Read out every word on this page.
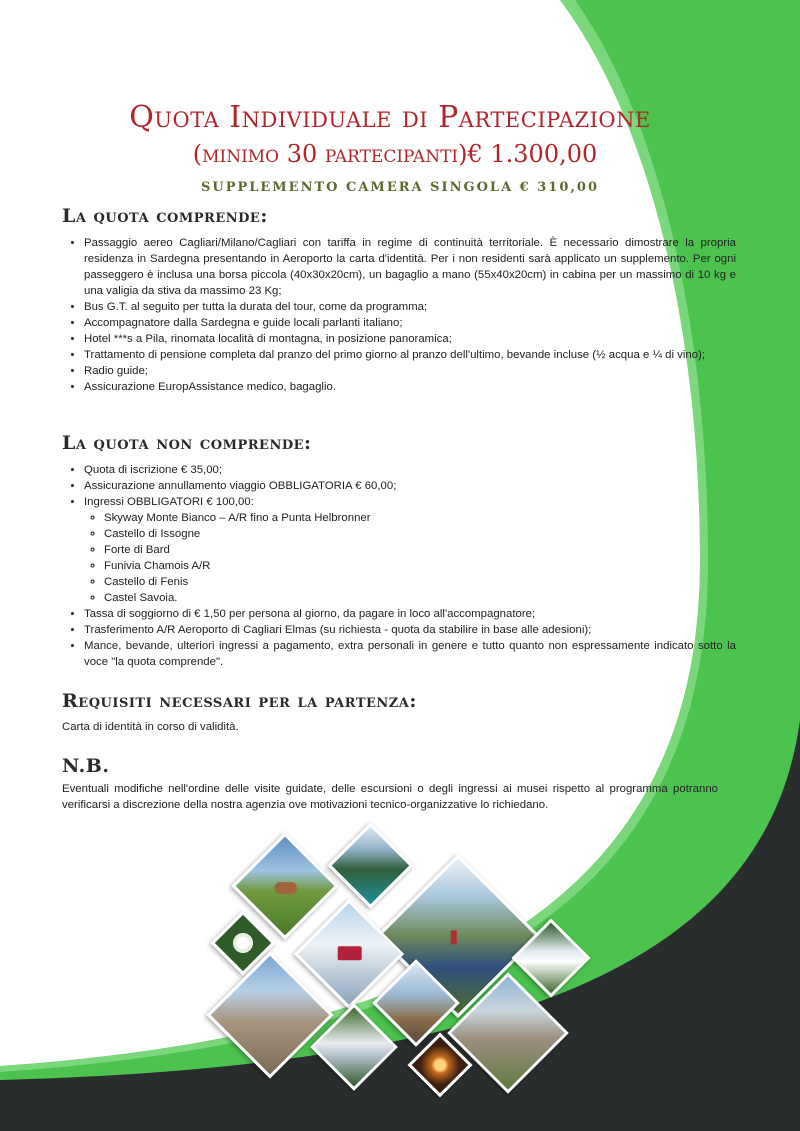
Quota Individuale di Partecipazione
(minimo 30 partecipanti)€ 1.300,00
SUPPLEMENTO CAMERA SINGOLA € 310,00
La quota comprende:
• Passaggio aereo Cagliari/Milano/Cagliari con tariffa in regime di continuità territoriale. È necessario dimostrare la propria residenza in Sardegna presentando in Aeroporto la carta d'identità. Per i non residenti sarà applicato un supplemento. Per ogni passeggero è inclusa una borsa piccola (40x30x20cm), un bagaglio a mano (55x40x20cm) in cabina per un massimo di 10 kg e una valigia da stiva da massimo 23 Kg;
• Bus G.T. al seguito per tutta la durata del tour, come da programma;
• Accompagnatore dalla Sardegna e guide locali parlanti italiano;
• Hotel ***s a Pila, rinomata località di montagna, in posizione panoramica;
• Trattamento di pensione completa dal pranzo del primo giorno al pranzo dell'ultimo, bevande incluse (½ acqua e ¼ di vino);
• Radio guide;
• Assicurazione EuropAssistance medico, bagaglio.
La quota non comprende:
• Quota di iscrizione € 35,00;
• Assicurazione annullamento viaggio OBBLIGATORIA € 60,00;
• Ingressi OBBLIGATORI € 100,00:
◦ Skyway Monte Bianco – A/R fino a Punta Helbronner
◦ Castello di Issogne
◦ Forte di Bard
◦ Funivia Chamois A/R
◦ Castello di Fenis
◦ Castel Savoia.
• Tassa di soggiorno di € 1,50 per persona al giorno, da pagare in loco all'accompagnatore;
• Trasferimento A/R Aeroporto di Cagliari Elmas (su richiesta - quota da stabilire in base alle adesioni);
• Mance, bevande, ulteriori ingressi a pagamento, extra personali in genere e tutto quanto non espressamente indicato sotto la voce "la quota comprende".
Requisiti necessari per la partenza:

Carta di identità in corso di validità.

N.B.

Eventuali modifiche nell'ordine delle visite guidate, delle escursioni o degli ingressi ai musei rispetto al programma potranno verificarsi a discrezione della nostra agenzia ove motivazioni tecnico-organizzative lo richiedano.
